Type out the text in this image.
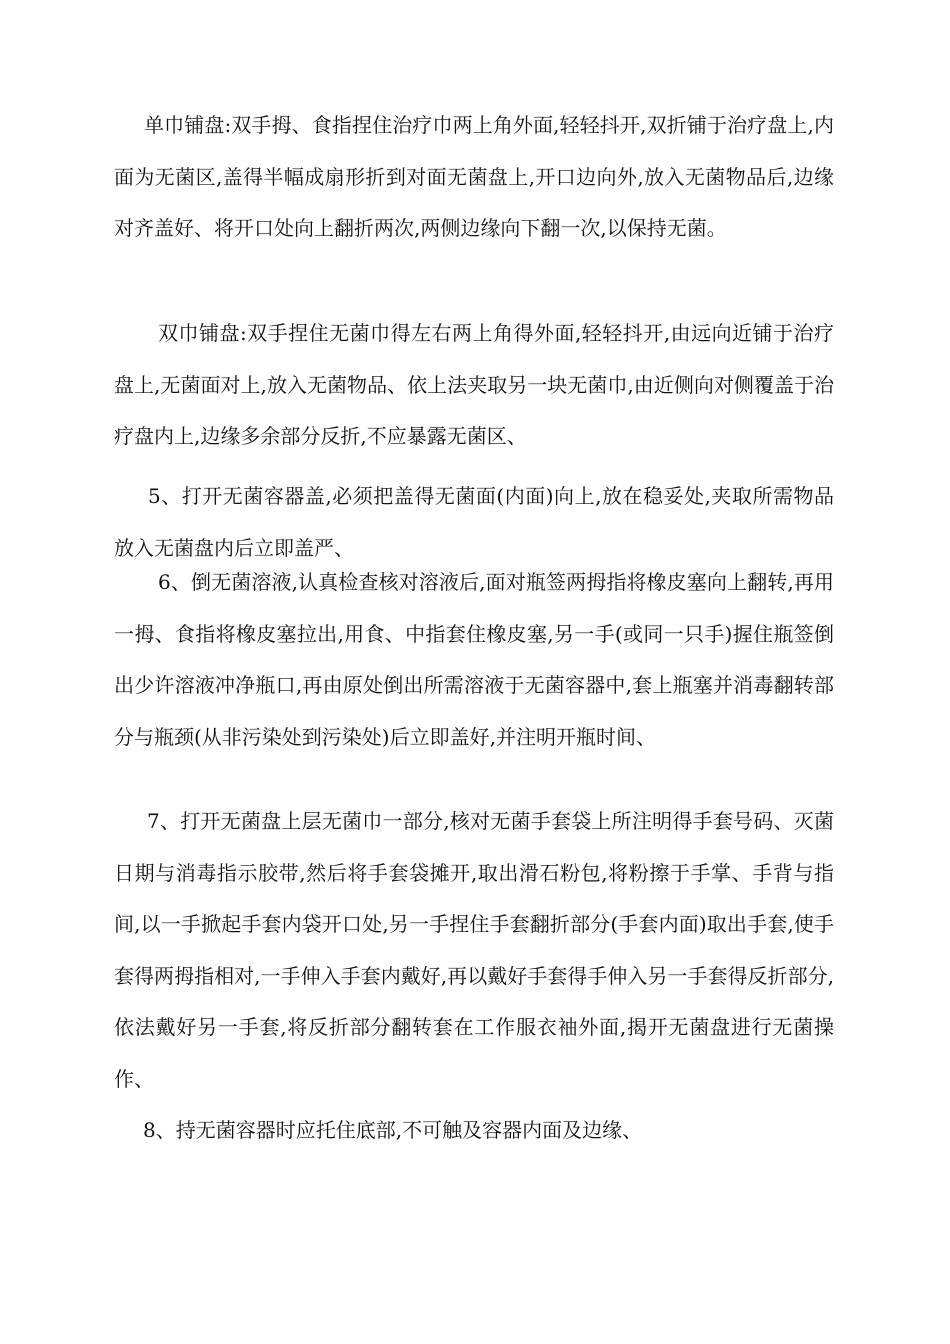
单巾铺盘:双手拇、食指捏住治疗巾两上角外面,轻轻抖开,双折铺于治疗盘上,内面为无菌区,盖得半幅成扇形折到对面无菌盘上,开口边向外,放入无菌物品后,边缘对齐盖好、将开口处向上翻折两次,两侧边缘向下翻一次,以保持无菌。

双巾铺盘:双手捏住无菌巾得左右两上角得外面,轻轻抖开,由远向近铺于治疗盘上,无菌面对上,放入无菌物品、依上法夹取另一块无菌巾,由近侧向对侧覆盖于治疗盘内上,边缘多余部分反折,不应暴露无菌区、

5、打开无菌容器盖,必须把盖得无菌面(内面)向上,放在稳妥处,夹取所需物品放入无菌盘内后立即盖严、

6、倒无菌溶液,认真检查核对溶液后,面对瓶签两拇指将橡皮塞向上翻转,再用一拇、食指将橡皮塞拉出,用食、中指套住橡皮塞,另一手(或同一只手)握住瓶签倒出少许溶液冲净瓶口,再由原处倒出所需溶液于无菌容器中,套上瓶塞并消毒翻转部分与瓶颈(从非污染处到污染处)后立即盖好,并注明开瓶时间、

7、打开无菌盘上层无菌巾一部分,核对无菌手套袋上所注明得手套号码、灭菌日期与消毒指示胶带,然后将手套袋摊开,取出滑石粉包,将粉擦于手掌、手背与指间,以一手掀起手套内袋开口处,另一手捏住手套翻折部分(手套内面)取出手套,使手套得两拇指相对,一手伸入手套内戴好,再以戴好手套得手伸入另一手套得反折部分,依法戴好另一手套,将反折部分翻转套在工作服衣袖外面,揭开无菌盘进行无菌操作、

8、持无菌容器时应托住底部,不可触及容器内面及边缘、
